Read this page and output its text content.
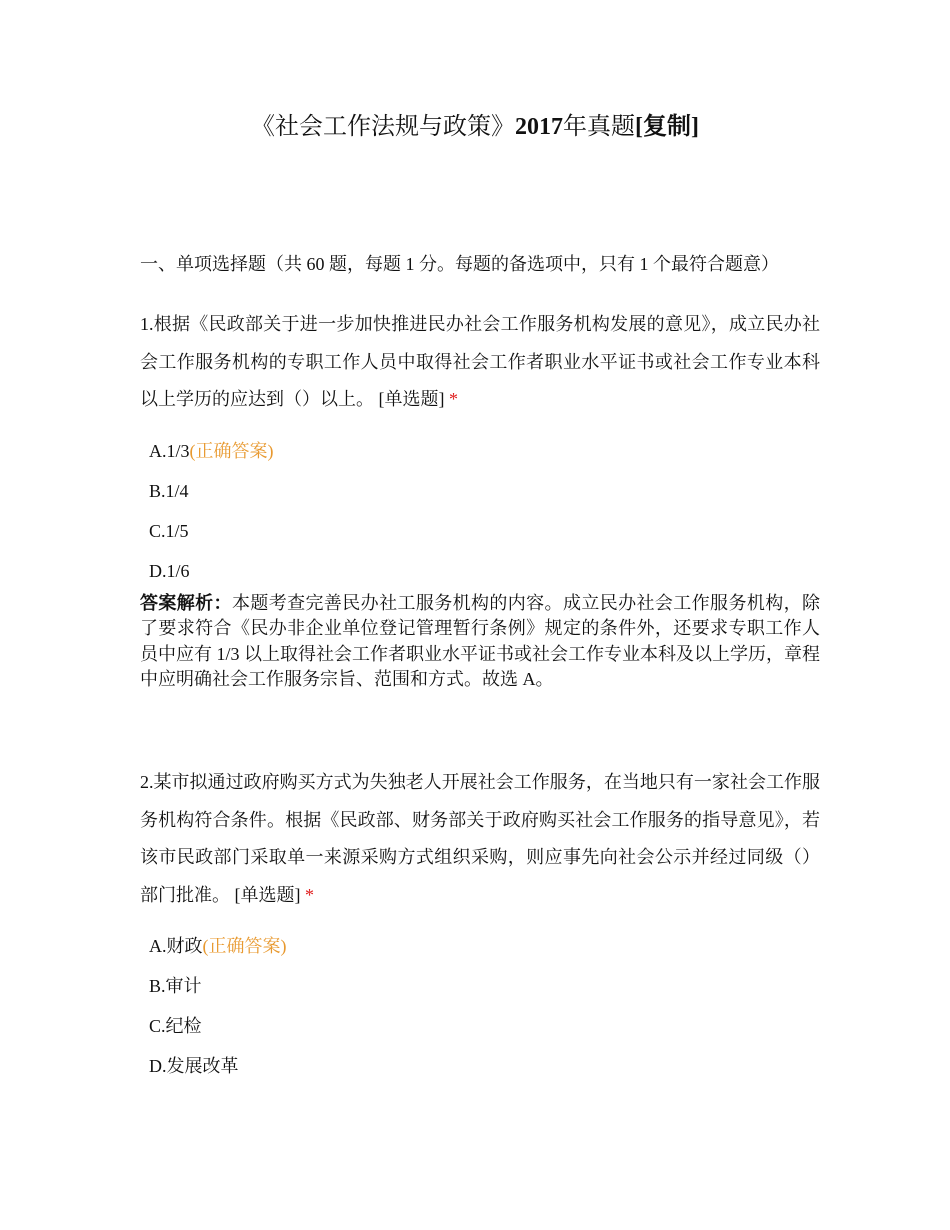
《社会工作法规与政策》2017年真题[复制]

一、单项选择题（共 60 题，每题 1 分。每题的备选项中，只有 1 个最符合题意）

1.根据《民政部关于进一步加快推进民办社会工作服务机构发展的意见》，成立民办社会工作服务机构的专职工作人员中取得社会工作者职业水平证书或社会工作专业本科以上学历的应达到（）以上。 [单选题] *

A.1/3(正确答案)
B.1/4
C.1/5
D.1/6

答案解析：本题考查完善民办社工服务机构的内容。成立民办社会工作服务机构，除了要求符合《民办非企业单位登记管理暂行条例》规定的条件外，还要求专职工作人员中应有 1/3 以上取得社会工作者职业水平证书或社会工作专业本科及以上学历，章程中应明确社会工作服务宗旨、范围和方式。故选 A。

2.某市拟通过政府购买方式为失独老人开展社会工作服务，在当地只有一家社会工作服务机构符合条件。根据《民政部、财务部关于政府购买社会工作服务的指导意见》，若该市民政部门采取单一来源采购方式组织采购，则应事先向社会公示并经过同级（）部门批准。 [单选题] *

A.财政(正确答案)
B.审计
C.纪检
D.发展改革
